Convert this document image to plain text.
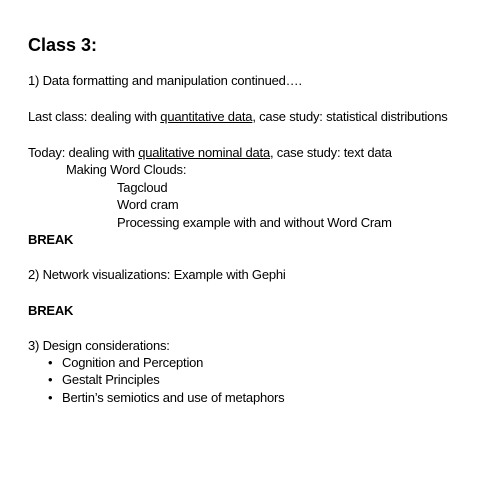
Class 3:
1) Data formatting and manipulation continued….
Last class: dealing with quantitative data, case study: statistical distributions
Today: dealing with qualitative nominal data, case study: text data
Making Word Clouds:
Tagcloud
Word cram
Processing example with and without Word Cram
BREAK
2) Network visualizations: Example with Gephi
BREAK
3) Design considerations:
• Cognition and Perception
• Gestalt Principles
• Bertin’s semiotics and use of metaphors
